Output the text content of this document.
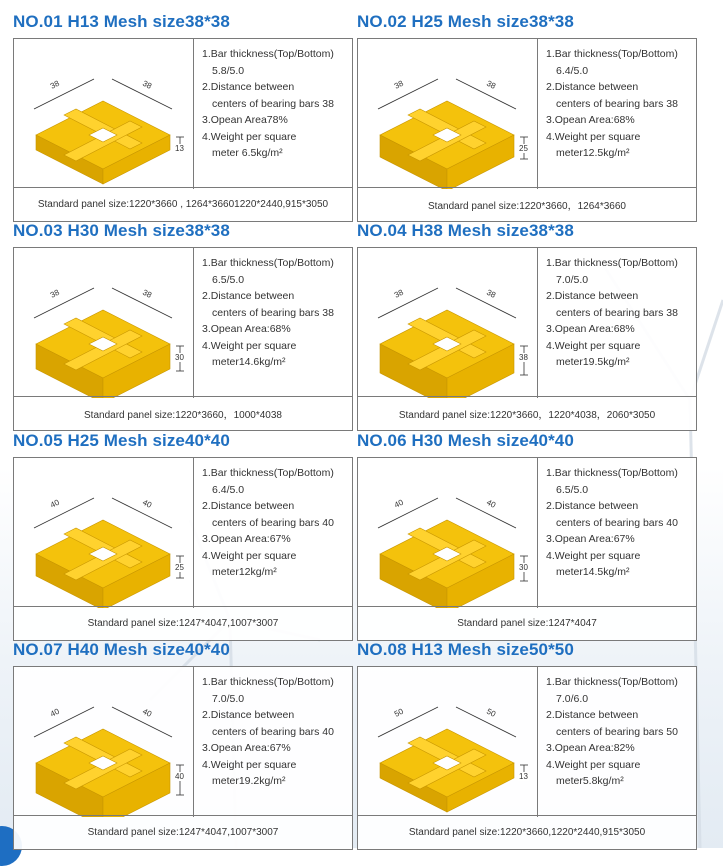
NO.01 H13 Mesh size38*38
38	38
13
1.Bar thickness(Top/Bottom)
5.8/5.0
2.Distance between
centers of bearing bars 38
3.Opean Area78%
4.Weight per square
meter 6.5kg/m²
Standard panel size:1220*3660 , 1264*36601220*2440,915*3050
NO.02 H25 Mesh size38*38
38	38
25
1.Bar thickness(Top/Bottom)
6.4/5.0
2.Distance between
centers of bearing bars 38
3.Opean Area:68%
4.Weight per square
meter12.5kg/m²
Standard panel size:1220*3660，1264*3660
NO.03 H30 Mesh size38*38
38	38
30
1.Bar thickness(Top/Bottom)
6.5/5.0
2.Distance between
centers of bearing bars 38
3.Opean Area:68%
4.Weight per square
meter14.6kg/m²
Standard panel size:1220*3660，1000*4038
NO.04 H38 Mesh size38*38
38	38
38
1.Bar thickness(Top/Bottom)
7.0/5.0
2.Distance between
centers of bearing bars 38
3.Opean Area:68%
4.Weight per square
meter19.5kg/m²
Standard panel size:1220*3660，1220*4038，2060*3050
NO.05 H25 Mesh size40*40
40	40
25
1.Bar thickness(Top/Bottom)
6.4/5.0
2.Distance between
centers of bearing bars 40
3.Opean Area:67%
4.Weight per square
meter12kg/m²
Standard panel size:1247*4047,1007*3007
NO.06 H30 Mesh size40*40
40	40
30
1.Bar thickness(Top/Bottom)
6.5/5.0
2.Distance between
centers of bearing bars 40
3.Opean Area:67%
4.Weight per square
meter14.5kg/m²
Standard panel size:1247*4047
NO.07 H40 Mesh size40*40
40	40
40
1.Bar thickness(Top/Bottom)
7.0/5.0
2.Distance between
centers of bearing bars 40
3.Opean Area:67%
4.Weight per square
meter19.2kg/m²
Standard panel size:1247*4047,1007*3007
NO.08 H13 Mesh size50*50
50	50
13
1.Bar thickness(Top/Bottom)
7.0/6.0
2.Distance between
centers of bearing bars 50
3.Opean Area:82%
4.Weight per square
meter5.8kg/m²
Standard panel size:1220*3660,1220*2440,915*3050
